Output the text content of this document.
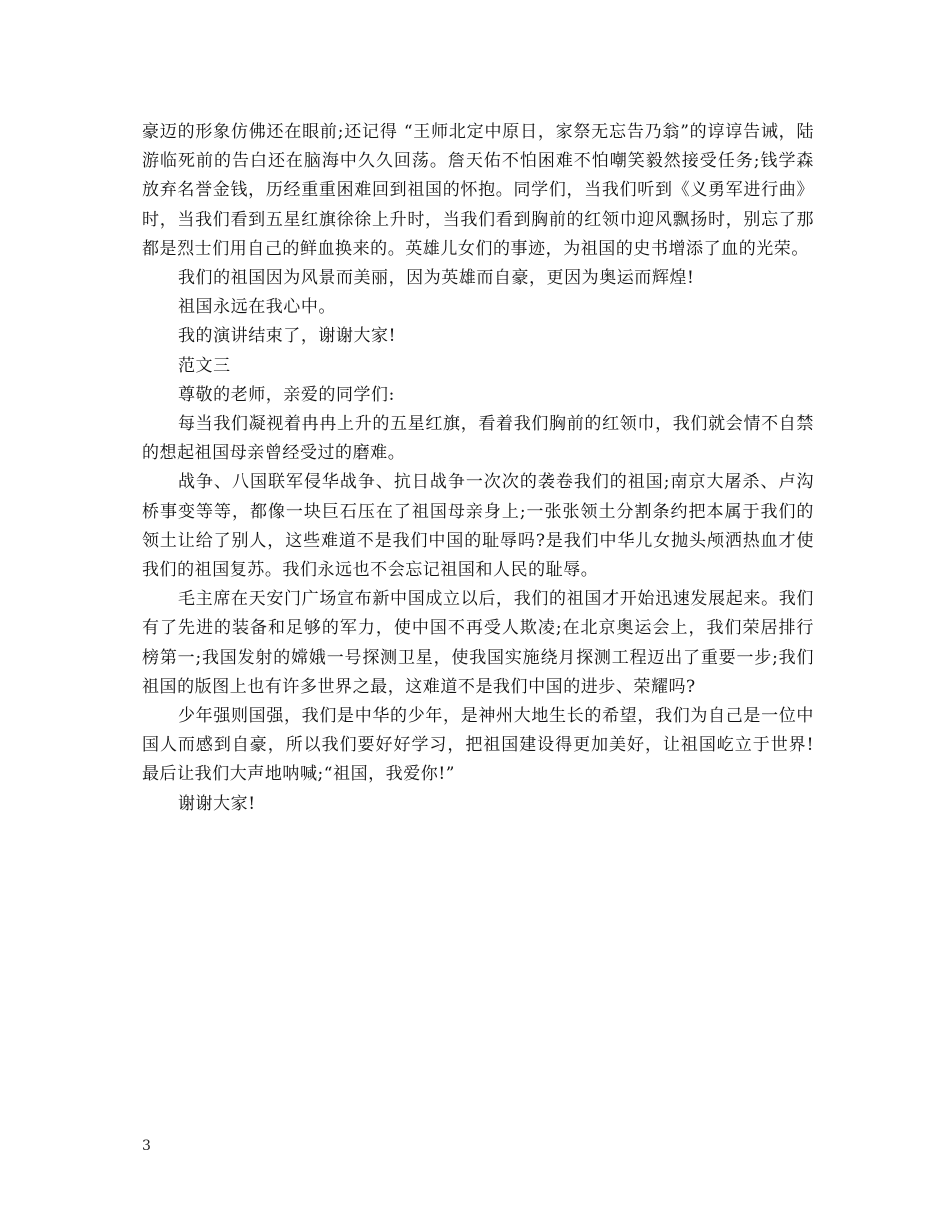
豪迈的形象仿佛还在眼前;还记得 “王师北定中原日，家祭无忘告乃翁”的谆谆告诫，陆游临死前的告白还在脑海中久久回荡。詹天佑不怕困难不怕嘲笑毅然接受任务;钱学森放弃名誉金钱，历经重重困难回到祖国的怀抱。同学们，当我们听到《义勇军进行曲》时，当我们看到五星红旗徐徐上升时，当我们看到胸前的红领巾迎风飘扬时，别忘了那都是烈士们用自己的鲜血换来的。英雄儿女们的事迹，为祖国的史书增添了血的光荣。

我们的祖国因为风景而美丽，因为英雄而自豪，更因为奥运而辉煌!

祖国永远在我心中。

我的演讲结束了，谢谢大家!

范文三

尊敬的老师，亲爱的同学们:

每当我们凝视着冉冉上升的五星红旗，看着我们胸前的红领巾，我们就会情不自禁的想起祖国母亲曾经受过的磨难。

战争、八国联军侵华战争、抗日战争一次次的袭卷我们的祖国;南京大屠杀、卢沟桥事变等等，都像一块巨石压在了祖国母亲身上;一张张领土分割条约把本属于我们的领土让给了别人，这些难道不是我们中国的耻辱吗?是我们中华儿女抛头颅洒热血才使我们的祖国复苏。我们永远也不会忘记祖国和人民的耻辱。

毛主席在天安门广场宣布新中国成立以后，我们的祖国才开始迅速发展起来。我们有了先进的装备和足够的军力，使中国不再受人欺凌;在北京奥运会上，我们荣居排行榜第一;我国发射的嫦娥一号探测卫星，使我国实施绕月探测工程迈出了重要一步;我们祖国的版图上也有许多世界之最，这难道不是我们中国的进步、荣耀吗?

少年强则国强，我们是中华的少年，是神州大地生长的希望，我们为自己是一位中国人而感到自豪，所以我们要好好学习，把祖国建设得更加美好，让祖国屹立于世界!最后让我们大声地呐喊;“祖国，我爱你!”

谢谢大家!

3
